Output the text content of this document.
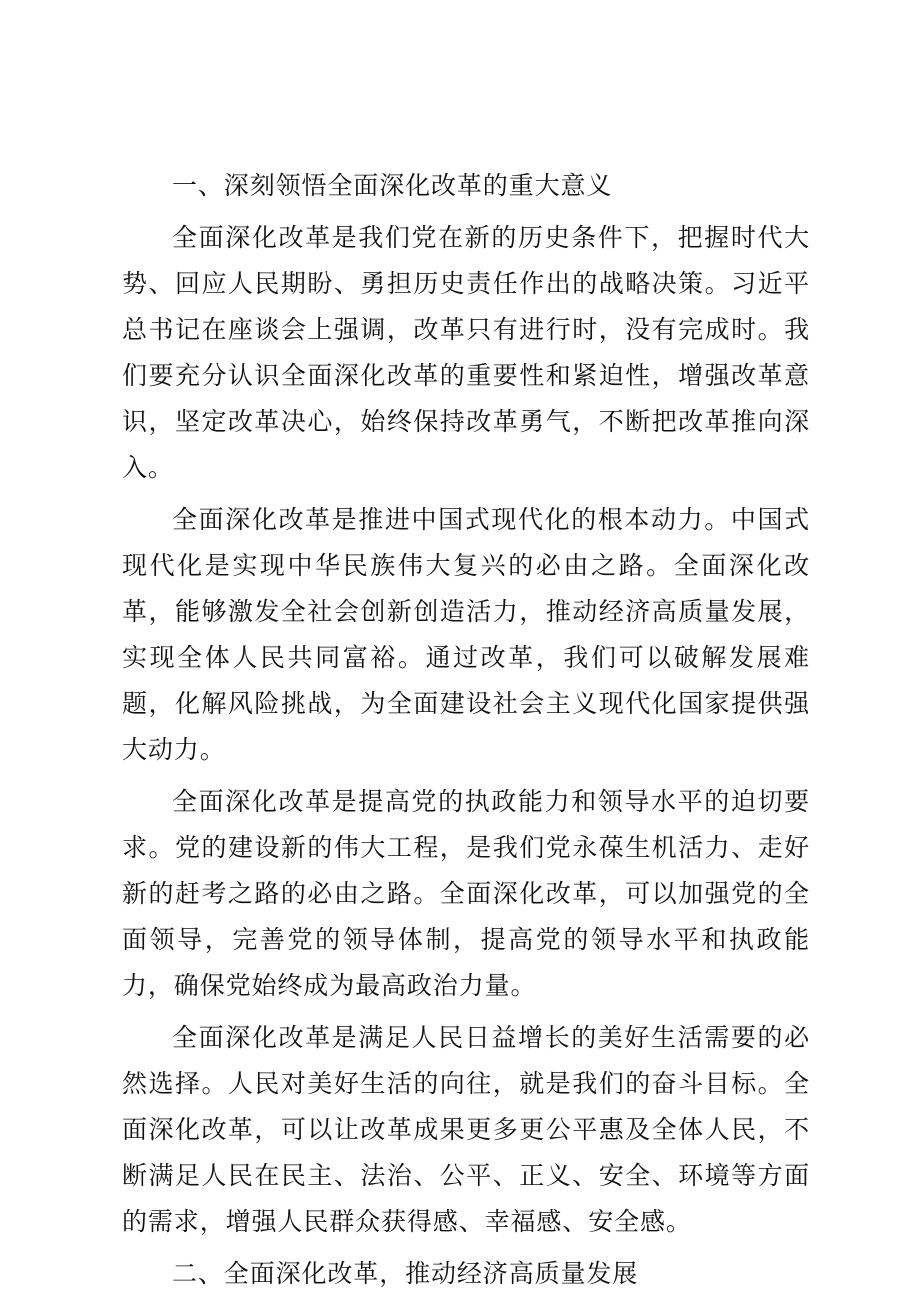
一、深刻领悟全面深化改革的重大意义

全面深化改革是我们党在新的历史条件下，把握时代大势、回应人民期盼、勇担历史责任作出的战略决策。习近平总书记在座谈会上强调，改革只有进行时，没有完成时。我们要充分认识全面深化改革的重要性和紧迫性，增强改革意识，坚定改革决心，始终保持改革勇气，不断把改革推向深入。

全面深化改革是推进中国式现代化的根本动力。中国式现代化是实现中华民族伟大复兴的必由之路。全面深化改革，能够激发全社会创新创造活力，推动经济高质量发展，实现全体人民共同富裕。通过改革，我们可以破解发展难题，化解风险挑战，为全面建设社会主义现代化国家提供强大动力。

全面深化改革是提高党的执政能力和领导水平的迫切要求。党的建设新的伟大工程，是我们党永葆生机活力、走好新的赶考之路的必由之路。全面深化改革，可以加强党的全面领导，完善党的领导体制，提高党的领导水平和执政能力，确保党始终成为最高政治力量。

全面深化改革是满足人民日益增长的美好生活需要的必然选择。人民对美好生活的向往，就是我们的奋斗目标。全面深化改革，可以让改革成果更多更公平惠及全体人民，不断满足人民在民主、法治、公平、正义、安全、环境等方面的需求，增强人民群众获得感、幸福感、安全感。

二、全面深化改革，推动经济高质量发展
